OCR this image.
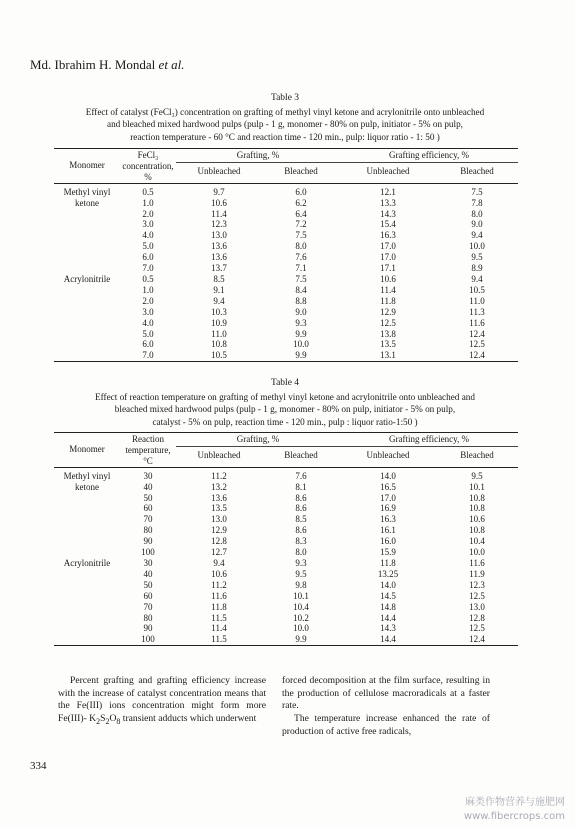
Md. Ibrahim H. Mondal et al.
Table 3
Effect of catalyst (FeCl₃) concentration on grafting of methyl vinyl ketone and acrylonitrile onto unbleached
and bleached mixed hardwood pulps (pulp - 1 g, monomer - 80% on pulp, initiator - 5% on pulp,
reaction temperature - 60 °C and reaction time - 120 min., pulp: liquor ratio - 1: 50 )
Monomer	FeCl₃
concentration,
%	Grafting, %		Grafting efficiency, %	
		Unbleached	Bleached	Unbleached	Bleached
Methyl vinyl	0.5	9.7	6.0	12.1	7.5
ketone	1.0	10.6	6.2	13.3	7.8
	2.0	11.4	6.4	14.3	8.0
	3.0	12.3	7.2	15.4	9.0
	4.0	13.0	7.5	16.3	9.4
	5.0	13.6	8.0	17.0	10.0
	6.0	13.6	7.6	17.0	9.5
	7.0	13.7	7.1	17.1	8.9
Acrylonitrile	0.5	8.5	7.5	10.6	9.4
	1.0	9.1	8.4	11.4	10.5
	2.0	9.4	8.8	11.8	11.0
	3.0	10.3	9.0	12.9	11.3
	4.0	10.9	9.3	12.5	11.6
	5.0	11.0	9.9	13.8	12.4
	6.0	10.8	10.0	13.5	12.5
	7.0	10.5	9.9	13.1	12.4
Table 4
Effect of reaction temperature on grafting of methyl vinyl ketone and acrylonitrile onto unbleached and
bleached mixed hardwood pulps (pulp - 1 g, monomer - 80% on pulp, initiator - 5% on pulp,
catalyst - 5% on pulp, reaction time - 120 min., pulp : liquor ratio-1:50 )
Monomer	Reaction
temperature,
°C	Grafting, %		Grafting efficiency, %	
		Unbleached	Bleached	Unbleached	Bleached
Methyl vinyl	30	11.2	7.6	14.0	9.5
ketone	40	13.2	8.1	16.5	10.1
	50	13.6	8.6	17.0	10.8
	60	13.5	8.6	16.9	10.8
	70	13.0	8.5	16.3	10.6
	80	12.9	8.6	16.1	10.8
	90	12.8	8.3	16.0	10.4
	100	12.7	8.0	15.9	10.0
Acrylonitrile	30	9.4	9.3	11.8	11.6
	40	10.6	9.5	13.25	11.9
	50	11.2	9.8	14.0	12.3
	60	11.6	10.1	14.5	12.5
	70	11.8	10.4	14.8	13.0
	80	11.5	10.2	14.4	12.8
	90	11.4	10.0	14.3	12.5
	100	11.5	9.9	14.4	12.4

Percent grafting and grafting efficiency increase with the increase of catalyst concentration means that the Fe(III) ions concentration might form more Fe(III)- $K_2S_2O_8$ transient adducts which underwent

forced decomposition at the film surface, resulting in the production of cellulose macroradicals at a faster rate.

The temperature increase enhanced the rate of production of active free radicals,

334
麻类作物营养与施肥网
www.fibercrops.com
